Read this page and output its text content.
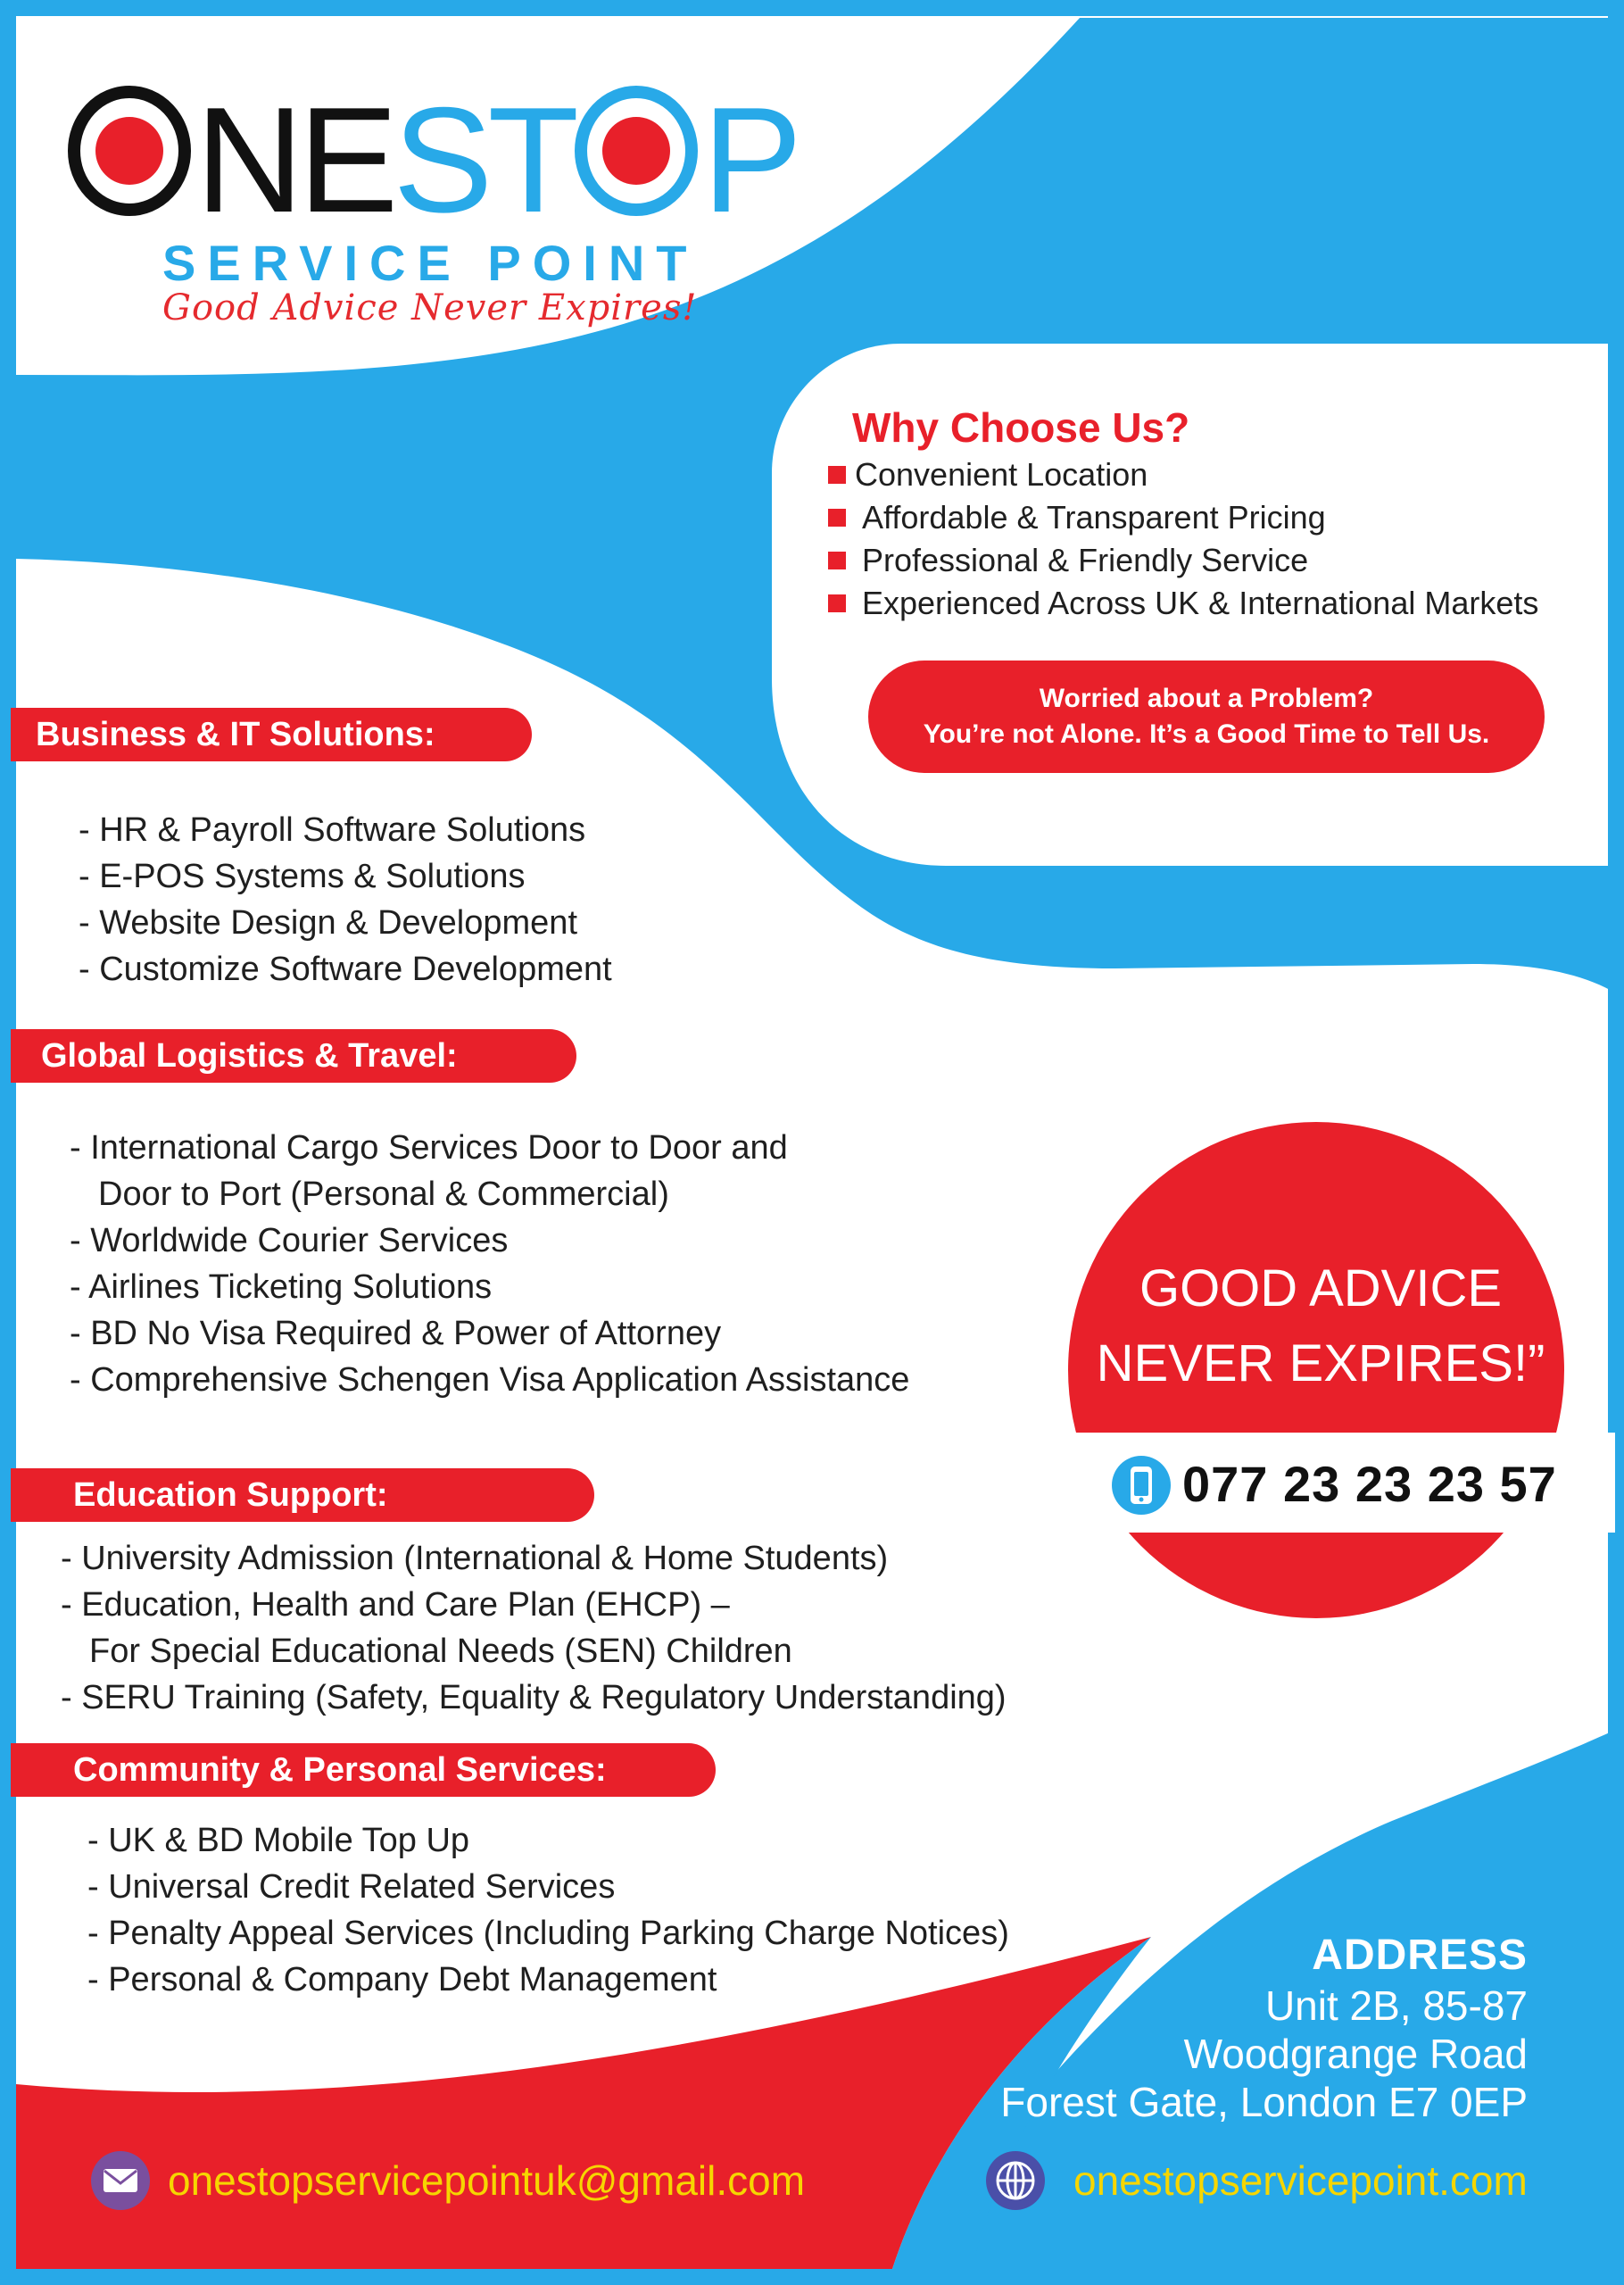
NEST P
SERVICE POINT
Good Advice Never Expires!
Why Choose Us?
Convenient Location
Affordable & Transparent Pricing
Professional & Friendly Service
Experienced Across UK & International Markets
Worried about a Problem?
You’re not Alone. It’s a Good Time to Tell Us.
Business & IT Solutions:
- HR & Payroll Software Solutions
- E-POS Systems & Solutions
- Website Design & Development
- Customize Software Development
Global Logistics & Travel:
- International Cargo Services Door to Door and
Door to Port (Personal & Commercial)
- Worldwide Courier Services
- Airlines Ticketing Solutions
- BD No Visa Required & Power of Attorney
- Comprehensive Schengen Visa Application Assistance
Education Support:
- University Admission (International & Home Students)
- Education, Health and Care Plan (EHCP) –
For Special Educational Needs (SEN) Children
- SERU Training (Safety, Equality & Regulatory Understanding)
Community & Personal Services:
- UK & BD Mobile Top Up
- Universal Credit Related Services
- Penalty Appeal Services (Including Parking Charge Notices)
- Personal & Company Debt Management
GOOD ADVICE
NEVER EXPIRES!”
077 23 23 23 57
ADDRESS
Unit 2B, 85-87
Woodgrange Road
Forest Gate, London E7 0EP
onestopservicepointuk@gmail.com	onestopservicepoint.com
